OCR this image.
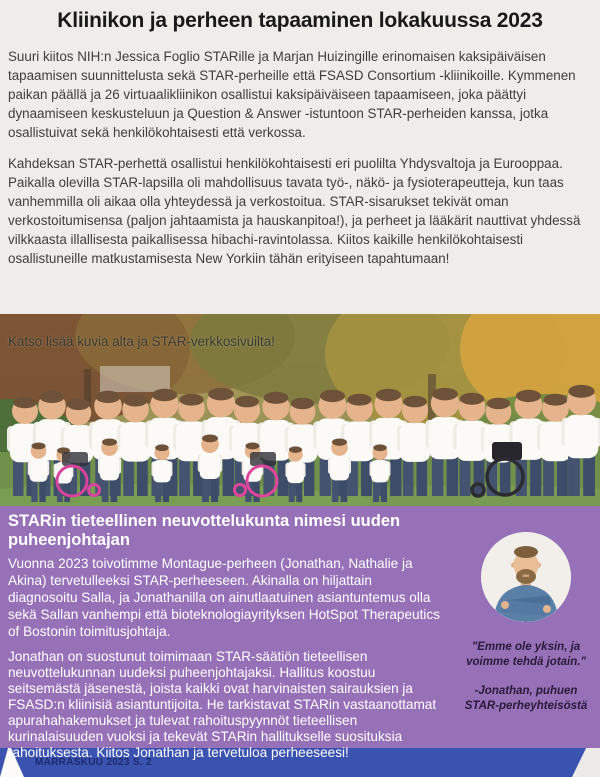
Kliinikon ja perheen tapaaminen lokakuussa 2023

Suuri kiitos NIH:n Jessica Foglio STARille ja Marjan Huizingille erinomaisen kaksipäiväisen tapaamisen suunnittelusta sekä STAR-perheille että FSASD Consortium -kliinikoille. Kymmenen paikan päällä ja 26 virtuaalikliinikon osallistui kaksipäiväiseen tapaamiseen, joka päättyi dynaamiseen keskusteluun ja Question & Answer -istuntoon STAR-perheiden kanssa, jotka osallistuivat sekä henkilökohtaisesti että verkossa.

Kahdeksan STAR-perhettä osallistui henkilökohtaisesti eri puolilta Yhdysvaltoja ja Eurooppaa. Paikalla olevilla STAR-lapsilla oli mahdollisuus tavata työ-, näkö- ja fysioterapeutteja, kun taas vanhemmilla oli aikaa olla yhteydessä ja verkostoitua. STAR-sisarukset tekivät oman verkostoitumisensa (paljon jahtaamista ja hauskanpitoa!), ja perheet ja lääkärit nauttivat yhdessä vilkkaasta illallisesta paikallisessa hibachi-ravintolassa. Kiitos kaikille henkilökohtaisesti osallistuneille matkustamisesta New Yorkiin tähän erityiseen tapahtumaan!

Katso lisää kuvia alta ja STAR-verkkosivuilta!
STARin tieteellinen neuvottelukunta nimesi uuden puheenjohtajan

Vuonna 2023 toivotimme Montague-perheen (Jonathan, Nathalie ja Akina) tervetulleeksi STAR-perheeseen. Akinalla on hiljattain diagnosoitu Salla, ja Jonathanilla on ainutlaatuinen asiantuntemus olla sekä Sallan vanhempi että bioteknologiayrityksen HotSpot Therapeutics of Bostonin toimitusjohtaja.

Jonathan on suostunut toimimaan STAR-säätiön tieteellisen neuvottelukunnan uudeksi puheenjohtajaksi. Hallitus koostuu seitsemästä jäsenestä, joista kaikki ovat harvinaisten sairauksien ja FSASD:n kliinisiä asiantuntijoita. He tarkistavat STARin vastaanottamat apurahahakemukset ja tulevat rahoituspyynnöt tieteellisen kurinalaisuuden vuoksi ja tekevät STARin hallitukselle suosituksia rahoituksesta. Kiitos Jonathan ja tervetuloa perheeseesi!

"Emme ole yksin, ja voimme tehdä jotain."
-Jonathan, puhuen STAR-perheyhteisöstä
MARRASKUU 2023 S. 2
